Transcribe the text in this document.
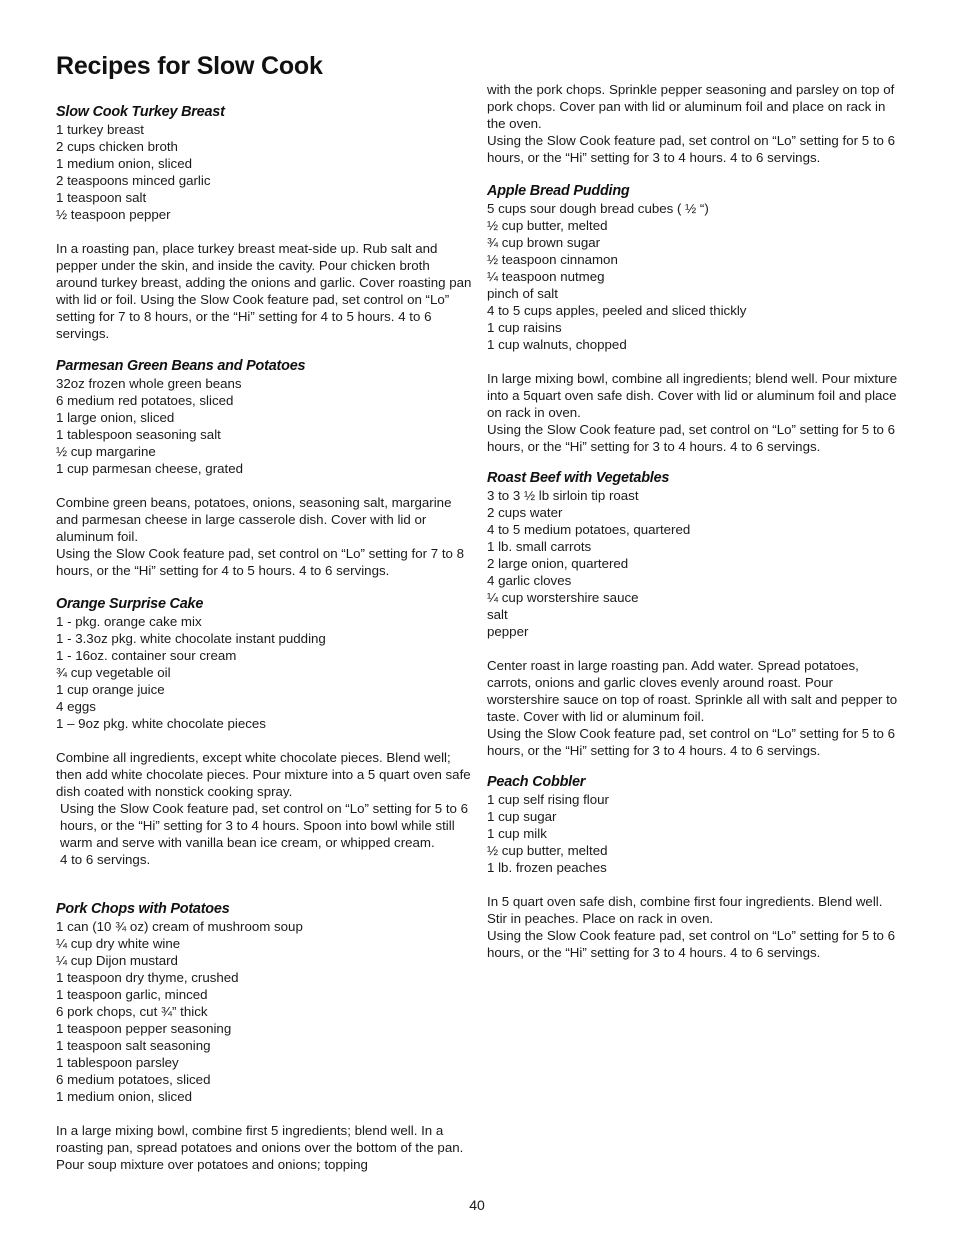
Recipes for Slow Cook
Slow Cook Turkey Breast
1 turkey breast
2 cups chicken broth
1 medium onion, sliced
2 teaspoons minced garlic
1 teaspoon salt
½ teaspoon pepper

In a roasting pan, place turkey breast meat-side up. Rub salt and pepper under the skin, and inside the cavity. Pour chicken broth around turkey breast, adding the onions and garlic. Cover roasting pan with lid or foil. Using the Slow Cook feature pad, set control on “Lo” setting for 7 to 8 hours, or the “Hi” setting for 4 to 5 hours. 4 to 6 servings.

Parmesan Green Beans and Potatoes
32oz frozen whole green beans
6 medium red potatoes, sliced
1 large onion, sliced
1 tablespoon seasoning salt
½ cup margarine
1 cup parmesan cheese, grated

Combine green beans, potatoes, onions, seasoning salt, margarine and parmesan cheese in large casserole dish. Cover with lid or aluminum foil.

Using the Slow Cook feature pad, set control on “Lo” setting for 7 to 8 hours, or the “Hi” setting for 4 to 5 hours. 4 to 6 servings.

Orange Surprise Cake
1 - pkg. orange cake mix
1 - 3.3oz pkg. white chocolate instant pudding
1 - 16oz. container sour cream
¾ cup vegetable oil
1 cup orange juice
4 eggs
1 – 9oz pkg. white chocolate pieces

Combine all ingredients, except white chocolate pieces. Blend well; then add white chocolate pieces. Pour mixture into a 5 quart oven safe dish coated with nonstick cooking spray.

Using the Slow Cook feature pad, set control on “Lo” setting for 5 to 6 hours, or the “Hi” setting for 3 to 4 hours. Spoon into bowl while still warm and serve with vanilla bean ice cream, or whipped cream.

4 to 6 servings.

Pork Chops with Potatoes
1 can (10 ¾ oz) cream of mushroom soup
¼ cup dry white wine
¼ cup Dijon mustard
1 teaspoon dry thyme, crushed
1 teaspoon garlic, minced
6 pork chops, cut ¾” thick
1 teaspoon pepper seasoning
1 teaspoon salt seasoning
1 tablespoon parsley
6 medium potatoes, sliced
1 medium onion, sliced

In a large mixing bowl, combine first 5 ingredients; blend well. In a roasting pan, spread potatoes and onions over the bottom of the pan. Pour soup mixture over potatoes and onions; topping

with the pork chops. Sprinkle pepper seasoning and parsley on top of pork chops. Cover pan with lid or aluminum foil and place on rack in the oven.

Using the Slow Cook feature pad, set control on “Lo” setting for 5 to 6 hours, or the “Hi” setting for 3 to 4 hours. 4 to 6 servings.

Apple Bread Pudding
5 cups sour dough bread cubes ( ½ “)
½ cup butter, melted
¾ cup brown sugar
½ teaspoon cinnamon
¼ teaspoon nutmeg
pinch of salt
4 to 5 cups apples, peeled and sliced thickly
1 cup raisins
1 cup walnuts, chopped

In large mixing bowl, combine all ingredients; blend well. Pour mixture into a 5quart oven safe dish. Cover with lid or aluminum foil and place on rack in oven.

Using the Slow Cook feature pad, set control on “Lo” setting for 5 to 6 hours, or the “Hi” setting for 3 to 4 hours. 4 to 6 servings.

Roast Beef with Vegetables
3 to 3 ½ lb sirloin tip roast
2 cups water
4 to 5 medium potatoes, quartered
1 lb. small carrots
2 large onion, quartered
4 garlic cloves
¼ cup worstershire sauce
salt
pepper

Center roast in large roasting pan. Add water. Spread potatoes, carrots, onions and garlic cloves evenly around roast. Pour worstershire sauce on top of roast. Sprinkle all with salt and pepper to taste. Cover with lid or aluminum foil.

Using the Slow Cook feature pad, set control on “Lo” setting for 5 to 6 hours, or the “Hi” setting for 3 to 4 hours. 4 to 6 servings.

Peach Cobbler
1 cup self rising flour
1 cup sugar
1 cup milk
½ cup butter, melted
1 lb. frozen peaches

In 5 quart oven safe dish, combine first four ingredients. Blend well. Stir in peaches. Place on rack in oven.

Using the Slow Cook feature pad, set control on “Lo” setting for 5 to 6 hours, or the “Hi” setting for 3 to 4 hours. 4 to 6 servings.

40
